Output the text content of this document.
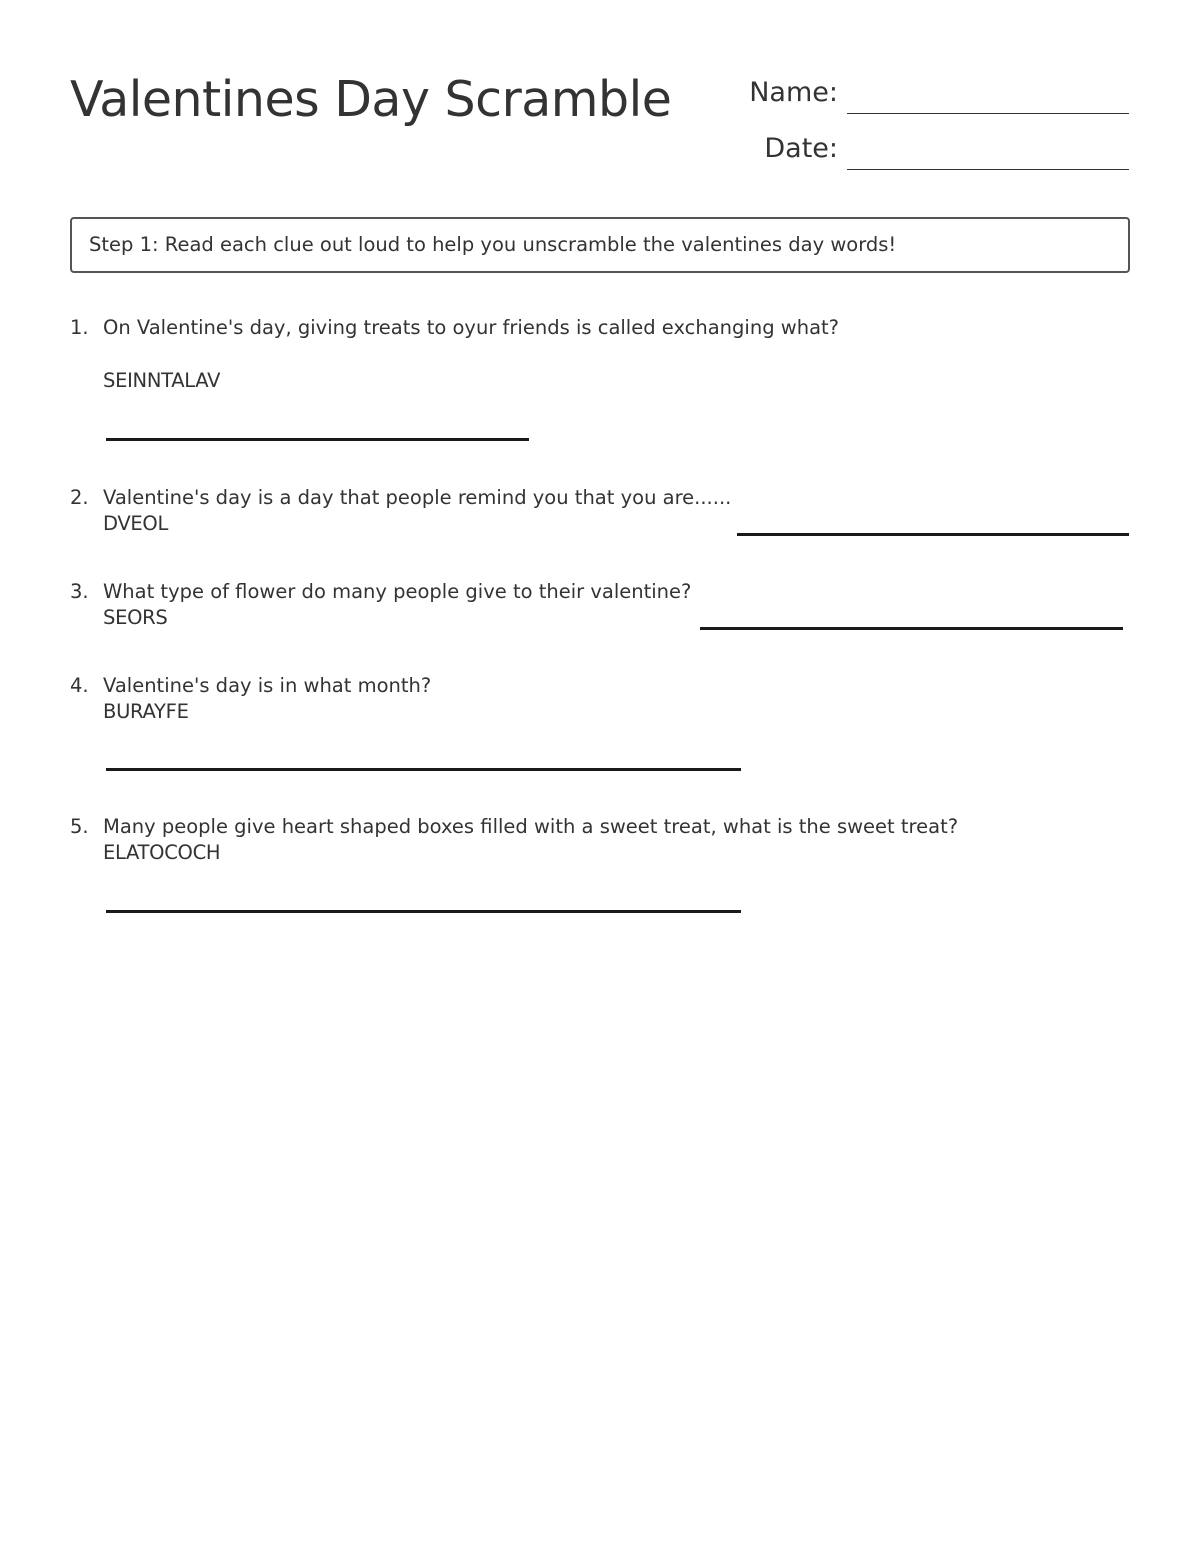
Valentines Day Scramble	Name:
Date:
Step 1: Read each clue out loud to help you unscramble the valentines day words!
1. On Valentine's day, giving treats to oyur friends is called exchanging what?
SEINNTALAV
2. Valentine's day is a day that people remind you that you are......
DVEOL
3. What type of flower do many people give to their valentine?
SEORS
4. Valentine's day is in what month?
BURAYFE
5. Many people give heart shaped boxes filled with a sweet treat, what is the sweet treat?
ELATOCOCH
